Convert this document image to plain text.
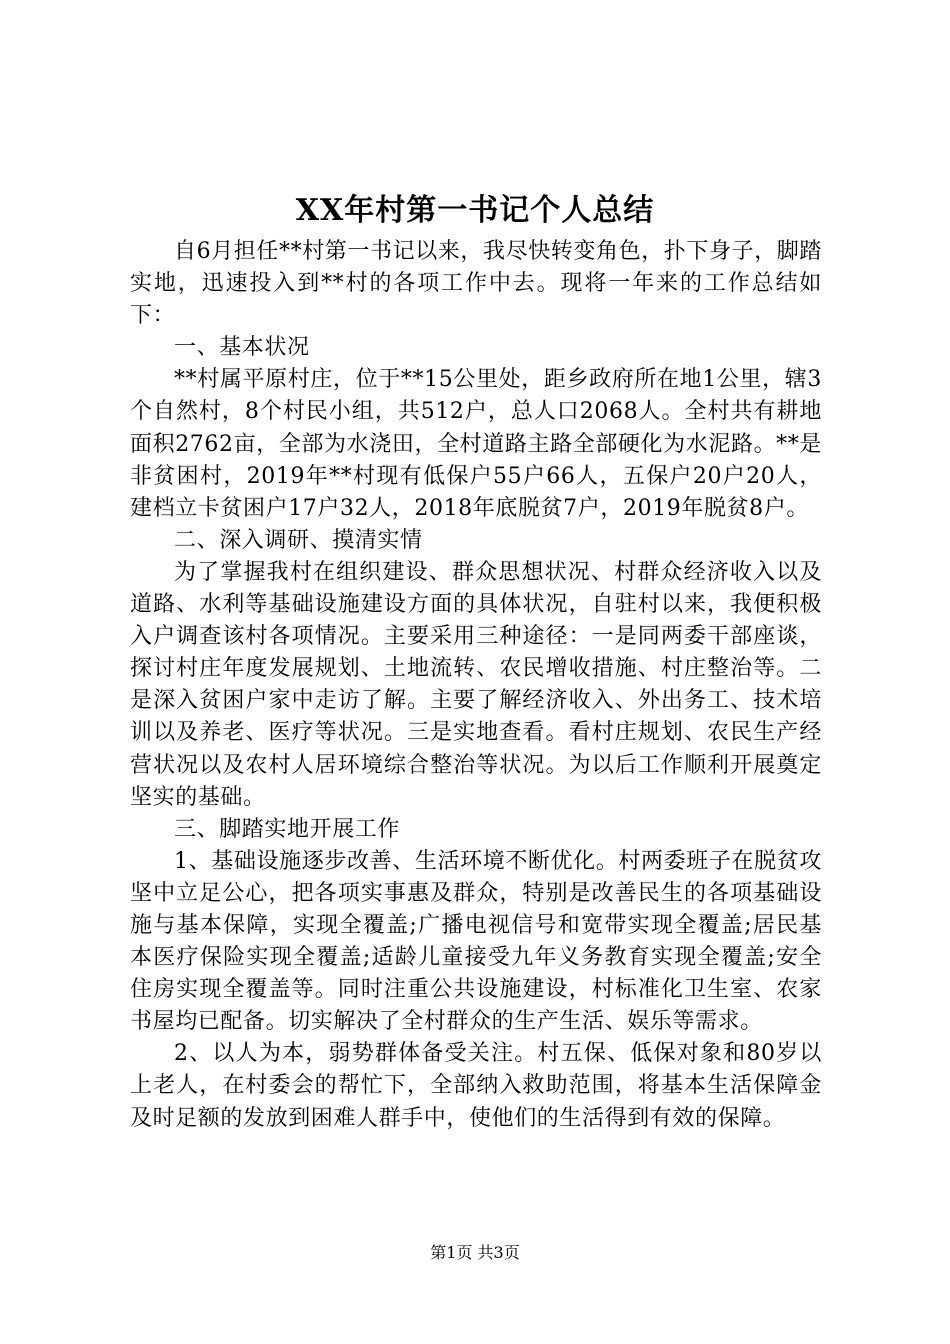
XX年村第一书记个人总结

自6月担任**村第一书记以来，我尽快转变角色，扑下身子，脚踏实地，迅速投入到**村的各项工作中去。现将一年来的工作总结如下：

一、基本状况

**村属平原村庄，位于**15公里处，距乡政府所在地1公里，辖3个自然村，8个村民小组，共512户，总人口2068人。全村共有耕地面积2762亩，全部为水浇田，全村道路主路全部硬化为水泥路。**是非贫困村，2019年**村现有低保户55户66人，五保户20户20人，建档立卡贫困户17户32人，2018年底脱贫7户，2019年脱贫8户。

二、深入调研、摸清实情

为了掌握我村在组织建设、群众思想状况、村群众经济收入以及道路、水利等基础设施建设方面的具体状况，自驻村以来，我便积极入户调查该村各项情况。主要采用三种途径：一是同两委干部座谈，探讨村庄年度发展规划、土地流转、农民增收措施、村庄整治等。二是深入贫困户家中走访了解。主要了解经济收入、外出务工、技术培训以及养老、医疗等状况。三是实地查看。看村庄规划、农民生产经营状况以及农村人居环境综合整治等状况。为以后工作顺利开展奠定坚实的基础。

三、脚踏实地开展工作

1、基础设施逐步改善、生活环境不断优化。村两委班子在脱贫攻坚中立足公心，把各项实事惠及群众，特别是改善民生的各项基础设施与基本保障，实现全覆盖;广播电视信号和宽带实现全覆盖;居民基本医疗保险实现全覆盖;适龄儿童接受九年义务教育实现全覆盖;安全住房实现全覆盖等。同时注重公共设施建设，村标准化卫生室、农家书屋均已配备。切实解决了全村群众的生产生活、娱乐等需求。

2、以人为本，弱势群体备受关注。村五保、低保对象和80岁以上老人，在村委会的帮忙下，全部纳入救助范围，将基本生活保障金及时足额的发放到困难人群手中，使他们的生活得到有效的保障。

第1页 共3页
